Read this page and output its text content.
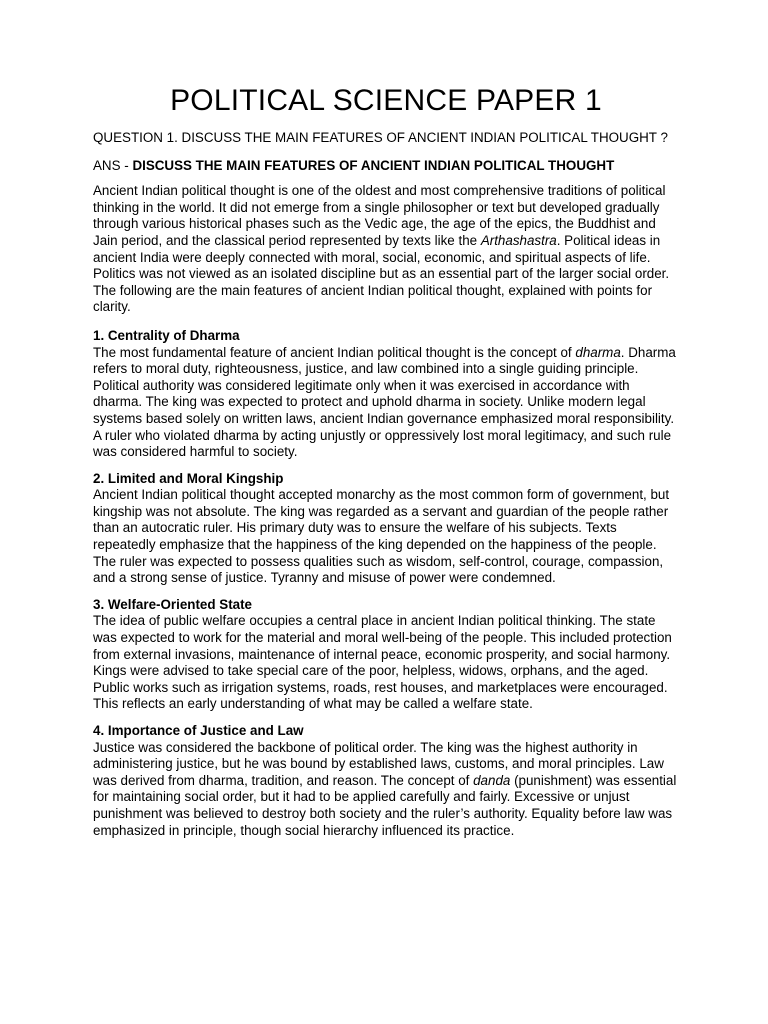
POLITICAL SCIENCE PAPER 1

QUESTION 1. DISCUSS THE MAIN FEATURES OF ANCIENT INDIAN POLITICAL THOUGHT ?

ANS - DISCUSS THE MAIN FEATURES OF ANCIENT INDIAN POLITICAL THOUGHT

Ancient Indian political thought is one of the oldest and most comprehensive traditions of political thinking in the world. It did not emerge from a single philosopher or text but developed gradually through various historical phases such as the Vedic age, the age of the epics, the Buddhist and Jain period, and the classical period represented by texts like the Arthashastra. Political ideas in ancient India were deeply connected with moral, social, economic, and spiritual aspects of life. Politics was not viewed as an isolated discipline but as an essential part of the larger social order. The following are the main features of ancient Indian political thought, explained with points for clarity.

1. Centrality of Dharma

The most fundamental feature of ancient Indian political thought is the concept of dharma. Dharma refers to moral duty, righteousness, justice, and law combined into a single guiding principle. Political authority was considered legitimate only when it was exercised in accordance with dharma. The king was expected to protect and uphold dharma in society. Unlike modern legal systems based solely on written laws, ancient Indian governance emphasized moral responsibility. A ruler who violated dharma by acting unjustly or oppressively lost moral legitimacy, and such rule was considered harmful to society.

2. Limited and Moral Kingship

Ancient Indian political thought accepted monarchy as the most common form of government, but kingship was not absolute. The king was regarded as a servant and guardian of the people rather than an autocratic ruler. His primary duty was to ensure the welfare of his subjects. Texts repeatedly emphasize that the happiness of the king depended on the happiness of the people. The ruler was expected to possess qualities such as wisdom, self-control, courage, compassion, and a strong sense of justice. Tyranny and misuse of power were condemned.

3. Welfare-Oriented State

The idea of public welfare occupies a central place in ancient Indian political thinking. The state was expected to work for the material and moral well-being of the people. This included protection from external invasions, maintenance of internal peace, economic prosperity, and social harmony. Kings were advised to take special care of the poor, helpless, widows, orphans, and the aged. Public works such as irrigation systems, roads, rest houses, and marketplaces were encouraged. This reflects an early understanding of what may be called a welfare state.

4. Importance of Justice and Law

Justice was considered the backbone of political order. The king was the highest authority in administering justice, but he was bound by established laws, customs, and moral principles. Law was derived from dharma, tradition, and reason. The concept of danda (punishment) was essential for maintaining social order, but it had to be applied carefully and fairly. Excessive or unjust punishment was believed to destroy both society and the ruler’s authority. Equality before law was emphasized in principle, though social hierarchy influenced its practice.
